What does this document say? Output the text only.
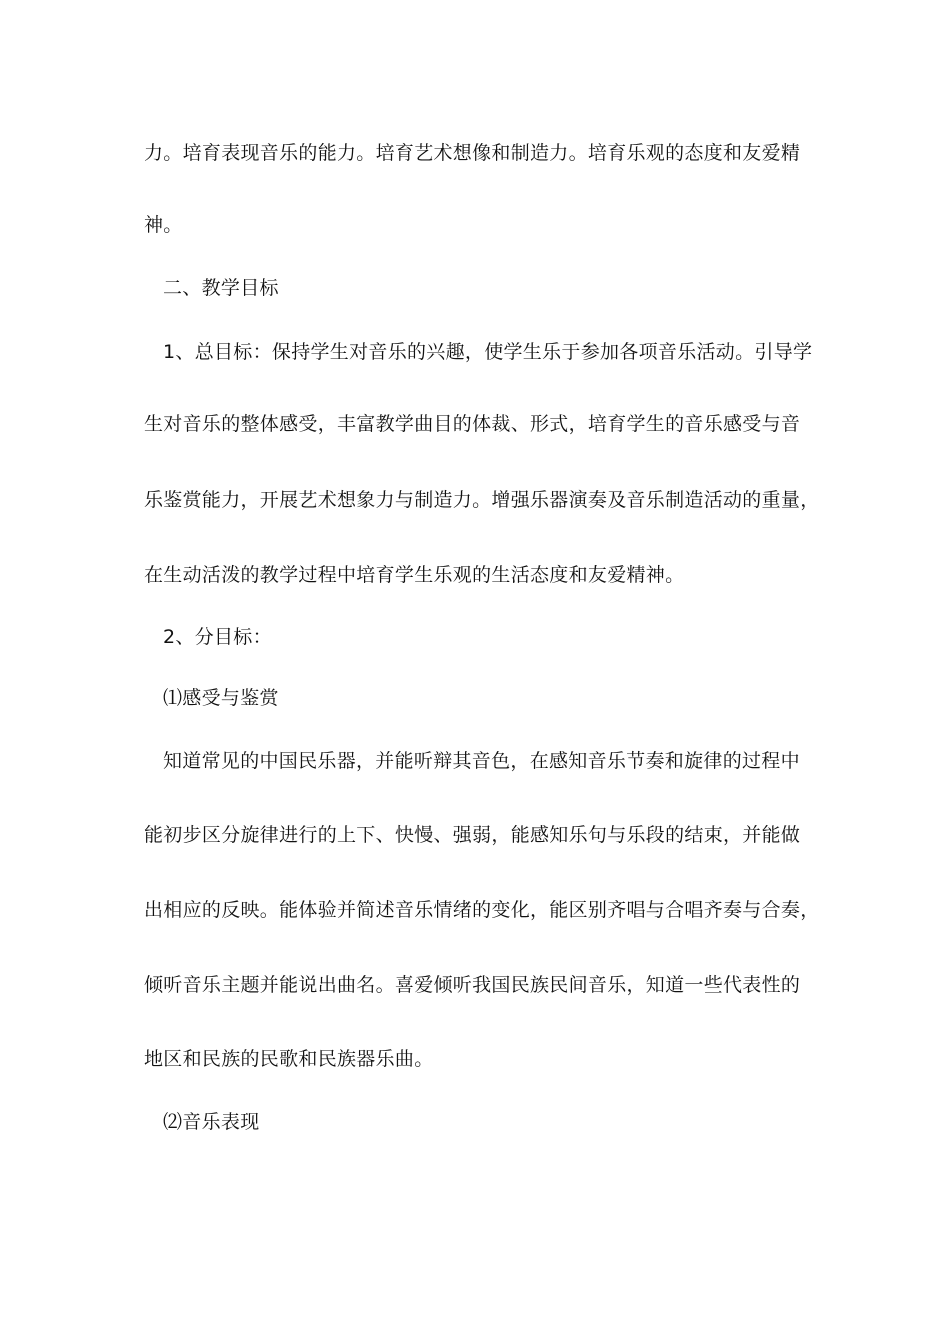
力。培育表现音乐的能力。培育艺术想像和制造力。培育乐观的态度和友爱精
神。
二、教学目标
1、总目标：保持学生对音乐的兴趣，使学生乐于参加各项音乐活动。引导学
生对音乐的整体感受，丰富教学曲目的体裁、形式，培育学生的音乐感受与音
乐鉴赏能力，开展艺术想象力与制造力。增强乐器演奏及音乐制造活动的重量，
在生动活泼的教学过程中培育学生乐观的生活态度和友爱精神。
2、分目标：
⑴感受与鉴赏
知道常见的中国民乐器，并能听辩其音色，在感知音乐节奏和旋律的过程中
能初步区分旋律进行的上下、快慢、强弱，能感知乐句与乐段的结束，并能做
出相应的反映。能体验并简述音乐情绪的变化，能区别齐唱与合唱齐奏与合奏，
倾听音乐主题并能说出曲名。喜爱倾听我国民族民间音乐，知道一些代表性的
地区和民族的民歌和民族器乐曲。
⑵音乐表现
